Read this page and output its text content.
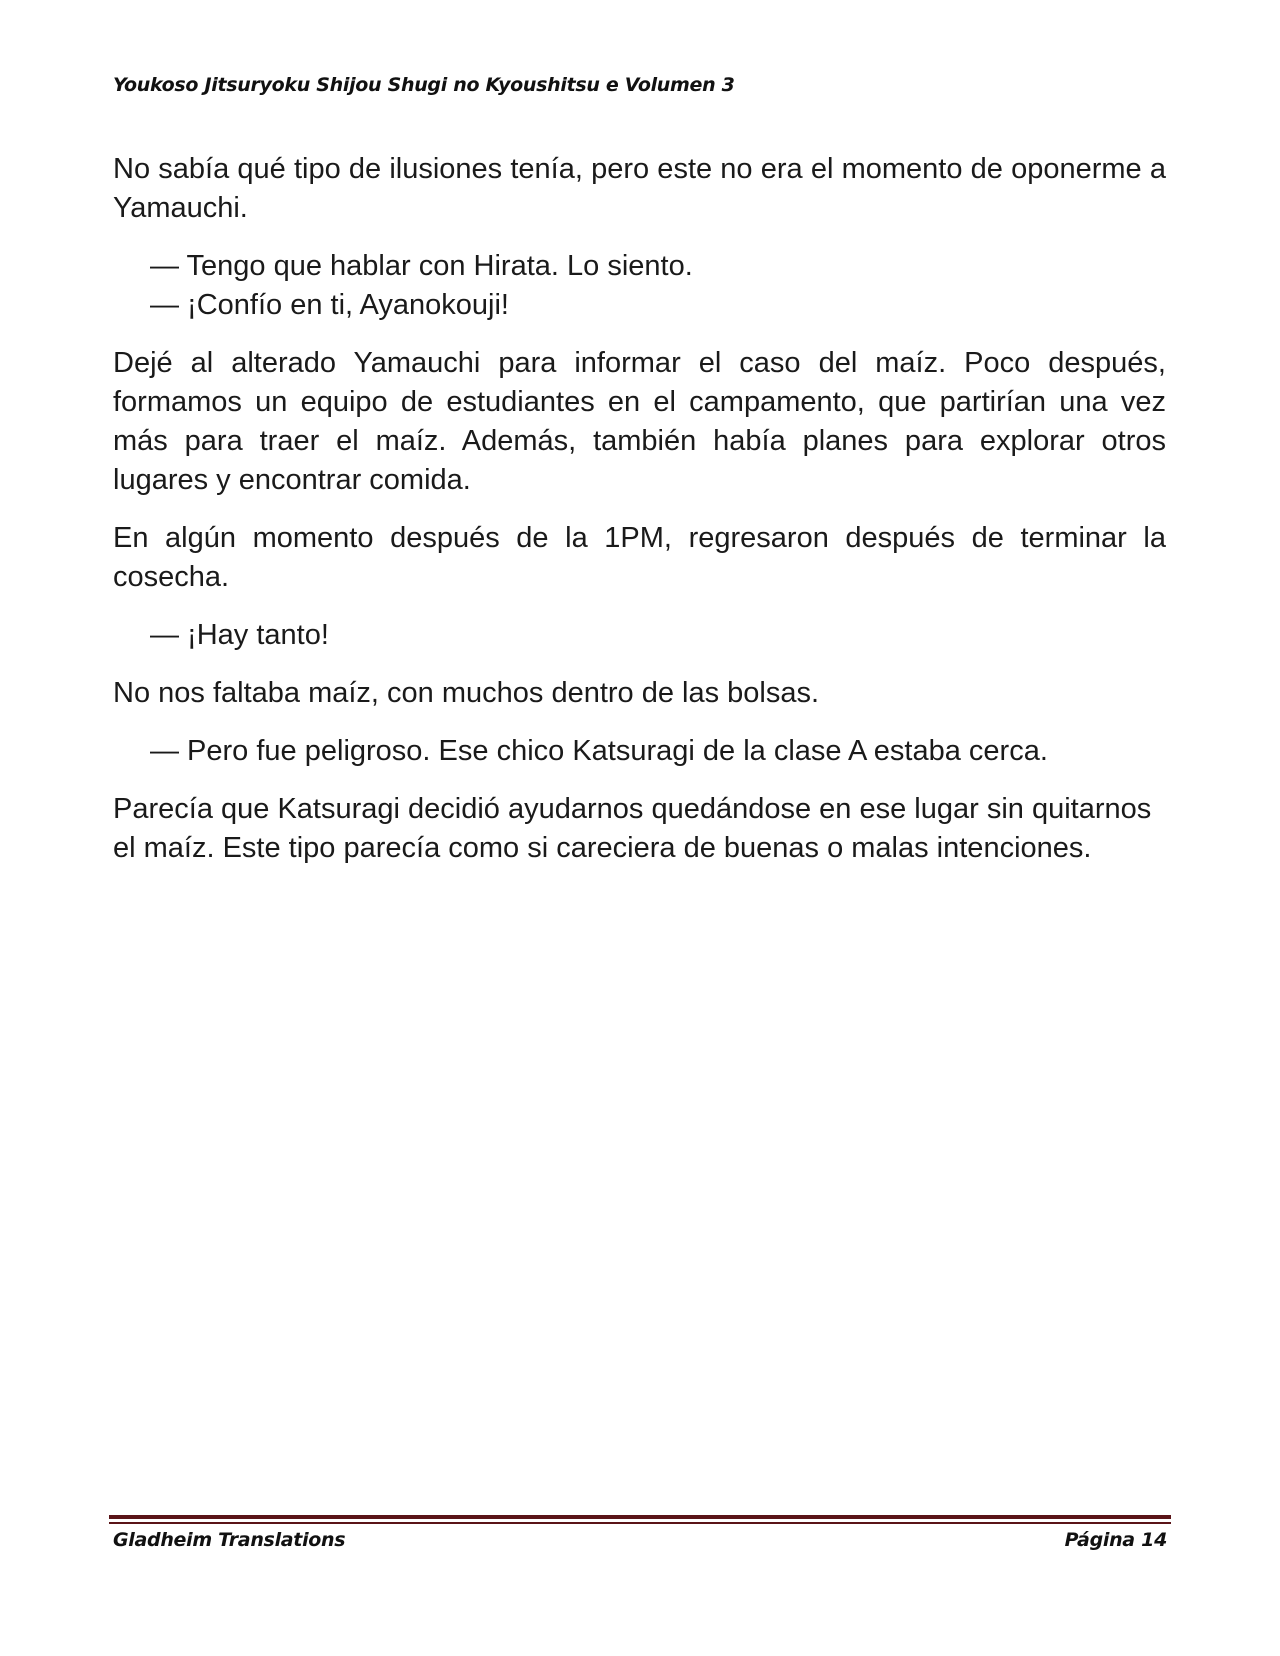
Youkoso Jitsuryoku Shijou Shugi no Kyoushitsu e Volumen 3

No sabía qué tipo de ilusiones tenía, pero este no era el momento de oponerme a Yamauchi.

— Tengo que hablar con Hirata. Lo siento.

— ¡Confío en ti, Ayanokouji!

Dejé al alterado Yamauchi para informar el caso del maíz. Poco después, formamos un equipo de estudiantes en el campamento, que partirían una vez más para traer el maíz. Además, también había planes para explorar otros lugares y encontrar comida.

En algún momento después de la 1PM, regresaron después de terminar la cosecha.

— ¡Hay tanto!

No nos faltaba maíz, con muchos dentro de las bolsas.

— Pero fue peligroso. Ese chico Katsuragi de la clase A estaba cerca.

Parecía que Katsuragi decidió ayudarnos quedándose en ese lugar sin quitarnos el maíz. Este tipo parecía como si careciera de buenas o malas intenciones.

Gladheim Translations	Página 14
